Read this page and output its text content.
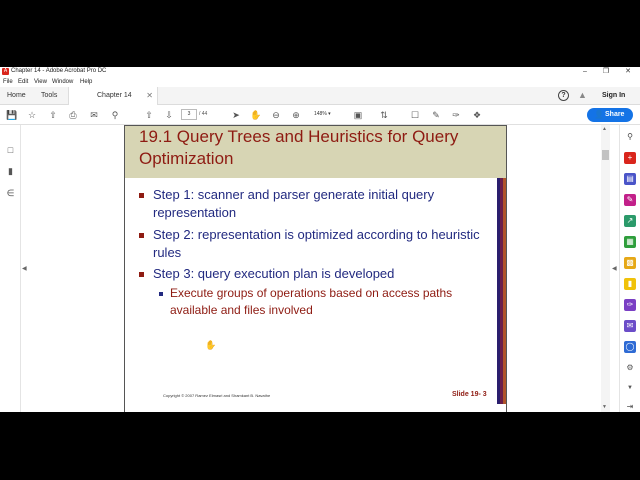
A Chapter 14 - Adobe Acrobat Pro DC	–	❐	✕
File Edit View Window Help
Home Tools	Chapter 14 ✕	?	▲ Sign In
💾 ☆ ⇧ ⎙ ✉	⚲	⇧ ⇩	3	/ 44	➤ ✋ ⊖ ⊕	148% ▾	▣ ⇅	☐ ✎ ✑ ❖	👤 Share
□
▮
∈
◀
19.1 Query Trees and Heuristics for Query Optimization
Step 1: scanner and parser generate initial query representation
Step 2: representation is optimized according to heuristic rules
Step 3: query execution plan is developed
Execute groups of operations based on access paths available and files involved
Copyright © 2007 Ramez Elmasri and Shamkant B. Navathe	Slide 19- 3
✋
▲
▼
◀
⚲
+
▤
✎
↗
▦
▩
▮
✑
✉
◯
⚙
▼
⇥
